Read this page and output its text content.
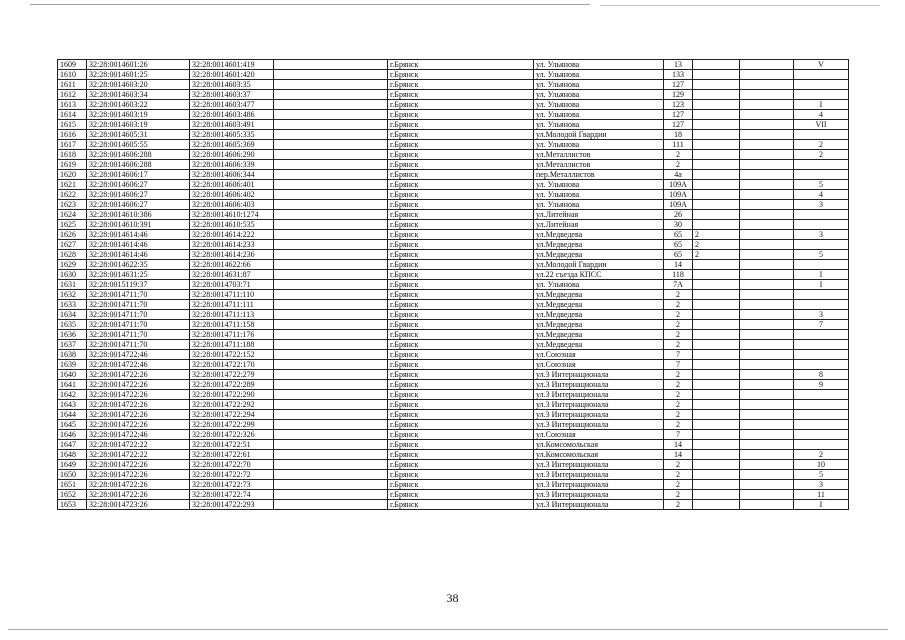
1609	32:28:0014601:26	32:28:0014601:419		г.Брянск	ул. Ульянова	13			V
1610	32:28:0014601:25	32:28:0014601:420		г.Брянск	ул. Ульянова	133			
1611	32:28:0014603:20	32:28:0014603:35		г.Брянск	ул. Ульянова	127			
1612	32:28:0014603:34	32:28:0014603:37		г.Брянск	ул. Ульянова	129			
1613	32:28:0014603:22	32:28:0014603:477		г.Брянск	ул. Ульянова	123			I
1614	32:28:0014603:19	32:28:0014603:486		г.Брянск	ул. Ульянова	127			4
1615	32:28:0014603:19	32:28:0014603:491		г.Брянск	ул. Ульянова	127			VII
1616	32:28:0014605:31	32:28:0014605:335		г.Брянск	ул.Молодой Гвардии	18			
1617	32:28:0014605:55	32:28:0014605:369		г.Брянск	ул. Ульянова	111			2
1618	32:28:0014606:288	32:28:0014606:290		г.Брянск	ул.Металлистов	2			2
1619	32:28:0014606:288	32:28:0014606:339		г.Брянск	ул.Металлистов	2			
1620	32:28:0014606:17	32:28:0014606:344		г.Брянск	пер.Металлистов	4а			
1621	32:28:0014606:27	32:28:0014606:401		г.Брянск	ул. Ульянова	109А			5
1622	32:28:0014606:27	32:28:0014606:402		г.Брянск	ул. Ульянова	109А			4
1623	32:28:0014606:27	32:28:0014606:403		г.Брянск	ул. Ульянова	109А			3
1624	32:28:0014610:386	32:28:0014610:1274		г.Брянск	ул.Литейная	26			
1625	32:28:0014610:391	32:28:0014610:535		г.Брянск	ул.Литейная	30			
1626	32:28:0014614:46	32:28:0014614:222		г.Брянск	ул.Медведева	65	2		3
1627	32:28:0014614:46	32:28:0014614:233		г.Брянск	ул.Медведева	65	2		
1628	32:28:0014614:46	32:28:0014614:236		г.Брянск	ул.Медведева	65	2		5
1629	32:28:0014622:35	32:28:0014622:66		г.Брянск	ул.Молодой Гвардии	14			
1630	32:28:0014631:25	32:28:0014631:87		г.Брянск	ул.22 съезда КПСС	118			I
1631	32:28:0015119:37	32:28:0014703:71		г.Брянск	ул. Ульянова	7А			I
1632	32:28:0014711:70	32:28:0014711:110		г.Брянск	ул.Медведева	2			
1633	32:28:0014711:70	32:28:0014711:111		г.Брянск	ул.Медведева	2			
1634	32:28:0014711:70	32:28:0014711:113		г.Брянск	ул.Медведева	2			3
1635	32:28:0014711:70	32:28:0014711:158		г.Брянск	ул.Медведева	2			7
1636	32:28:0014711:70	32:28:0014711:176		г.Брянск	ул.Медведева	2			
1637	32:28:0014711:70	32:28:0014711:188		г.Брянск	ул.Медведева	2			
1638	32:28:0014722:46	32:28:0014722:152		г.Брянск	ул.Союзная	7			
1639	32:28:0014722:46	32:28:0014722:170		г.Брянск	ул.Союзная	7			
1640	32:28:0014722:26	32:28:0014722:279		г.Брянск	ул.3 Интернационала	2			8
1641	32:28:0014722:26	32:28:0014722:289		г.Брянск	ул.3 Интернационала	2			9
1642	32:28:0014722:26	32:28:0014722:290		г.Брянск	ул.3 Интернационала	2			
1643	32:28:0014722:26	32:28:0014722:292		г.Брянск	ул.3 Интернационала	2			
1644	32:28:0014722:26	32:28:0014722:294		г.Брянск	ул.3 Интернационала	2			
1645	32:28:0014722:26	32:28:0014722:299		г.Брянск	ул.3 Интернационала	2			
1646	32:28:0014722:46	32:28:0014722:326		г.Брянск	ул.Союзная	7			
1647	32:28:0014722:22	32:28:0014722:51		г.Брянск	ул.Комсомольская	14			
1648	32:28:0014722:22	32:28:0014722:61		г.Брянск	ул.Комсомольская	14			2
1649	32:28:0014722:26	32:28:0014722:70		г.Брянск	ул.3 Интернационала	2			10
1650	32:28:0014722:26	32:28:0014722:72		г.Брянск	ул.3 Интернационала	2			5
1651	32:28:0014722:26	32:28:0014722:73		г.Брянск	ул.3 Интернационала	2			3
1652	32:28:0014722:26	32:28:0014722:74		г.Брянск	ул.3 Интернационала	2			11
1653	32:28:0014723:26	32:28:0014722:293		г.Брянск	ул.3 Интернационала	2			I
38
